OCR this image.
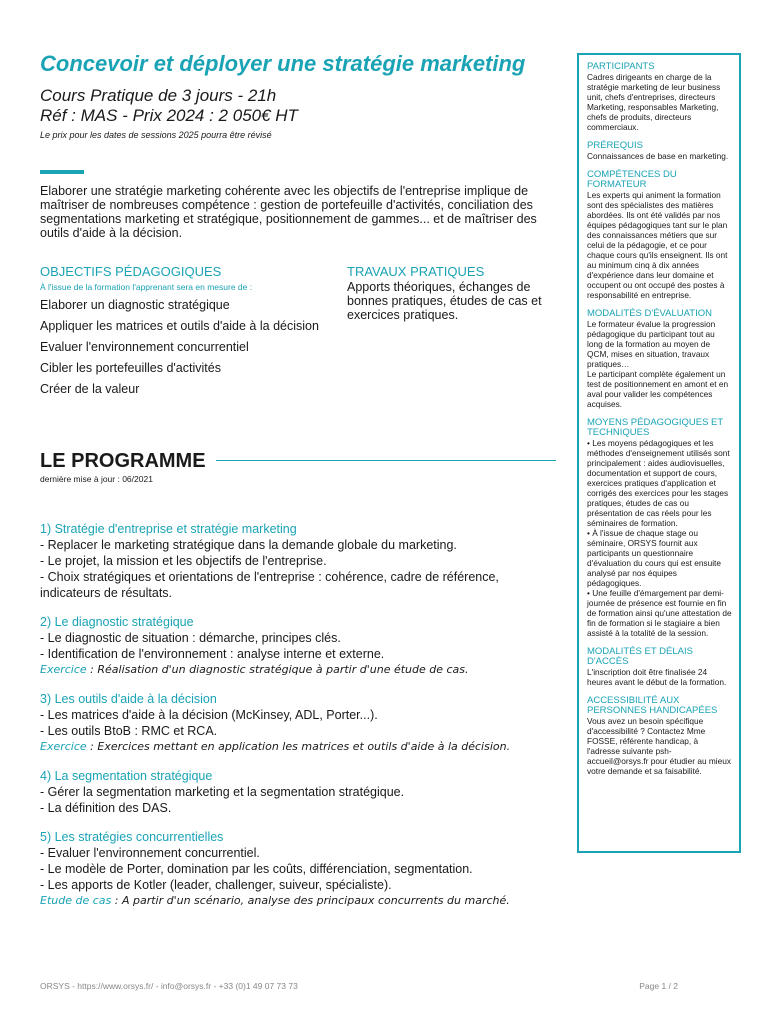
Concevoir et déployer une stratégie marketing
Cours Pratique de 3 jours - 21h
Réf : MAS - Prix 2024 : 2 050€ HT
Le prix pour les dates de sessions 2025 pourra être révisé

Elaborer une stratégie marketing cohérente avec les objectifs de l'entreprise implique de maîtriser de nombreuses compétence : gestion de portefeuille d'activités, conciliation des segmentations marketing et stratégique, positionnement de gammes... et de maîtriser des outils d'aide à la décision.

OBJECTIFS PÉDAGOGIQUES
À l'issue de la formation l'apprenant sera en mesure de :
Elaborer un diagnostic stratégique
Appliquer les matrices et outils d'aide à la décision
Evaluer l'environnement concurrentiel
Cibler les portefeuilles d'activités
Créer de la valeur
TRAVAUX PRATIQUES
Apports théoriques, échanges de bonnes pratiques, études de cas et exercices pratiques.
LE PROGRAMME
dernière mise à jour : 06/2021
1) Stratégie d'entreprise et stratégie marketing
- Replacer le marketing stratégique dans la demande globale du marketing.
- Le projet, la mission et les objectifs de l'entreprise.
- Choix stratégiques et orientations de l'entreprise : cohérence, cadre de référence, indicateurs de résultats.
2) Le diagnostic stratégique
- Le diagnostic de situation : démarche, principes clés.
- Identification de l'environnement : analyse interne et externe.
Exercice : Réalisation d'un diagnostic stratégique à partir d'une étude de cas.
3) Les outils d'aide à la décision
- Les matrices d'aide à la décision (McKinsey, ADL, Porter...).
- Les outils BtoB : RMC et RCA.
Exercice : Exercices mettant en application les matrices et outils d'aide à la décision.
4) La segmentation stratégique
- Gérer la segmentation marketing et la segmentation stratégique.
- La définition des DAS.
5) Les stratégies concurrentielles
- Evaluer l'environnement concurrentiel.
- Le modèle de Porter, domination par les coûts, différenciation, segmentation.
- Les apports de Kotler (leader, challenger, suiveur, spécialiste).
Etude de cas : A partir d'un scénario, analyse des principaux concurrents du marché.
PARTICIPANTS
Cadres dirigeants en charge de la stratégie marketing de leur business unit, chefs d'entreprises, directeurs Marketing, responsables Marketing, chefs de produits, directeurs commerciaux.
PRÉREQUIS
Connaissances de base en marketing.
COMPÉTENCES DU FORMATEUR
Les experts qui animent la formation sont des spécialistes des matières abordées. Ils ont été validés par nos équipes pédagogiques tant sur le plan des connaissances métiers que sur celui de la pédagogie, et ce pour chaque cours qu'ils enseignent. Ils ont au minimum cinq à dix années d'expérience dans leur domaine et occupent ou ont occupé des postes à responsabilité en entreprise.
MODALITÉS D'ÉVALUATION
Le formateur évalue la progression pédagogique du participant tout au long de la formation au moyen de QCM, mises en situation, travaux pratiques…
Le participant complète également un test de positionnement en amont et en aval pour valider les compétences acquises.
MOYENS PÉDAGOGIQUES ET TECHNIQUES
• Les moyens pédagogiques et les méthodes d'enseignement utilisés sont principalement : aides audiovisuelles, documentation et support de cours, exercices pratiques d'application et corrigés des exercices pour les stages pratiques, études de cas ou présentation de cas réels pour les séminaires de formation.
• À l'issue de chaque stage ou séminaire, ORSYS fournit aux participants un questionnaire d'évaluation du cours qui est ensuite analysé par nos équipes pédagogiques.
• Une feuille d'émargement par demi-journée de présence est fournie en fin de formation ainsi qu'une attestation de fin de formation si le stagiaire a bien assisté à la totalité de la session.
MODALITÉS ET DÉLAIS D'ACCÈS
L'inscription doit être finalisée 24 heures avant le début de la formation.
ACCESSIBILITÉ AUX PERSONNES HANDICAPÉES
Vous avez un besoin spécifique d'accessibilité ? Contactez Mme FOSSE, référente handicap, à l'adresse suivante psh-accueil@orsys.fr pour étudier au mieux votre demande et sa faisabilité.
ORSYS - https://www.orsys.fr/ - info@orsys.fr - +33 (0)1 49 07 73 73	Page 1 / 2
